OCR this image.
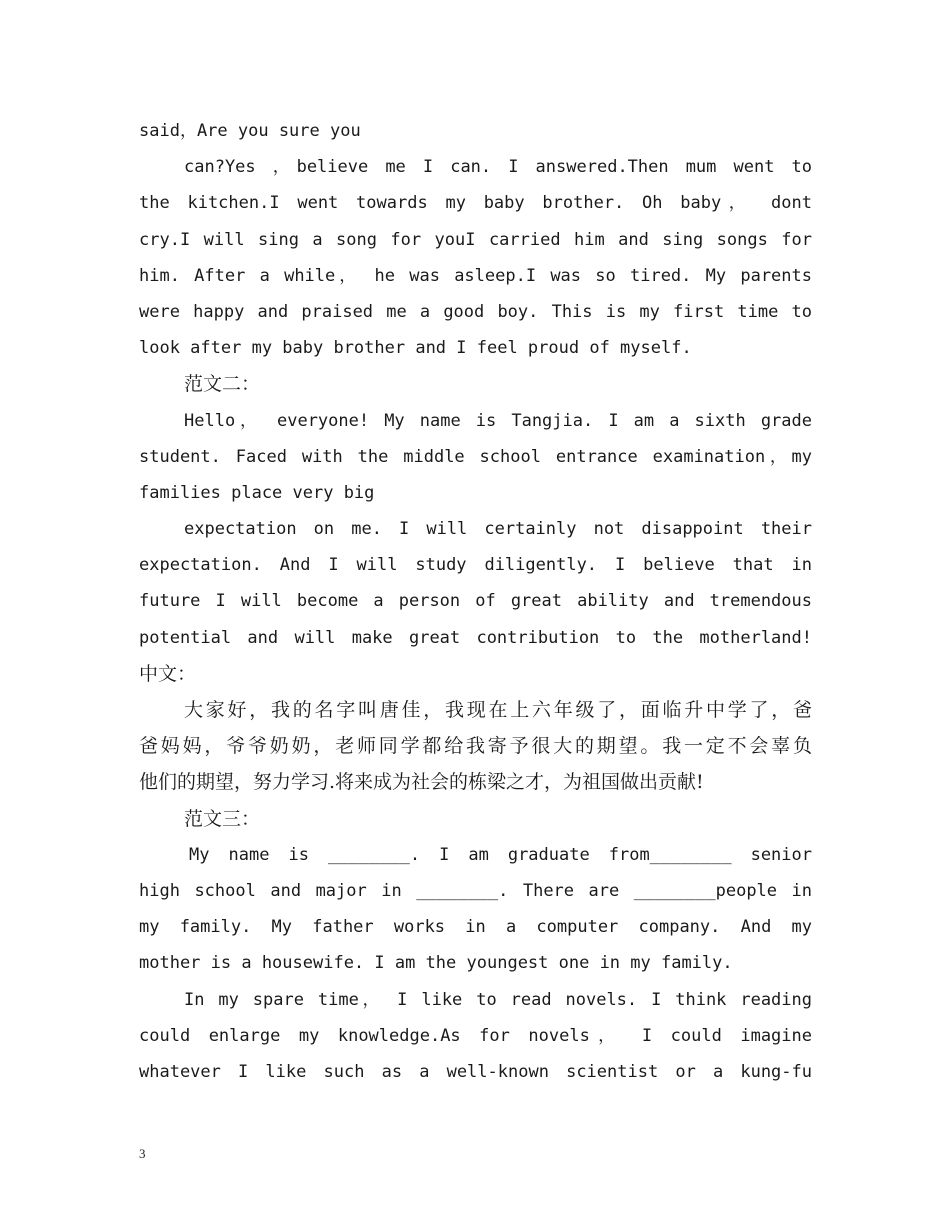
said，Are you sure you
can?Yes ，believe me I can. I answered.Then mum went to
the kitchen.I went towards my baby brother. Oh baby， dont
cry.I will sing a song for youI carried him and sing songs for
him. After a while， he was asleep.I was so tired. My parents
were happy and praised me a good boy. This is my first time to
look after my baby brother and I feel proud of myself.
范文二：
Hello， everyone! My name is Tangjia. I am a sixth grade
student. Faced with the middle school entrance examination，my
families place very big
expectation on me. I will certainly not disappoint their
expectation. And I will study diligently. I believe that in
future I will become a person of great ability and tremendous
potential and will make great contribution to the motherland!
中文：
大家好，我的名字叫唐佳，我现在上六年级了，面临升中学了，爸
爸妈妈，爷爷奶奶，老师同学都给我寄予很大的期望。我一定不会辜负
他们的期望，努力学习.将来成为社会的栋梁之才，为祖国做出贡献!
范文三：
My name is ________. I am graduate from________ senior
high school and major in ________. There are ________people in
my family. My father works in a computer company. And my
mother is a housewife. I am the youngest one in my family.
In my spare time， I like to read novels. I think reading
could enlarge my knowledge.As for novels， I could imagine
whatever I like such as a well-known scientist or a kung-fu
3
